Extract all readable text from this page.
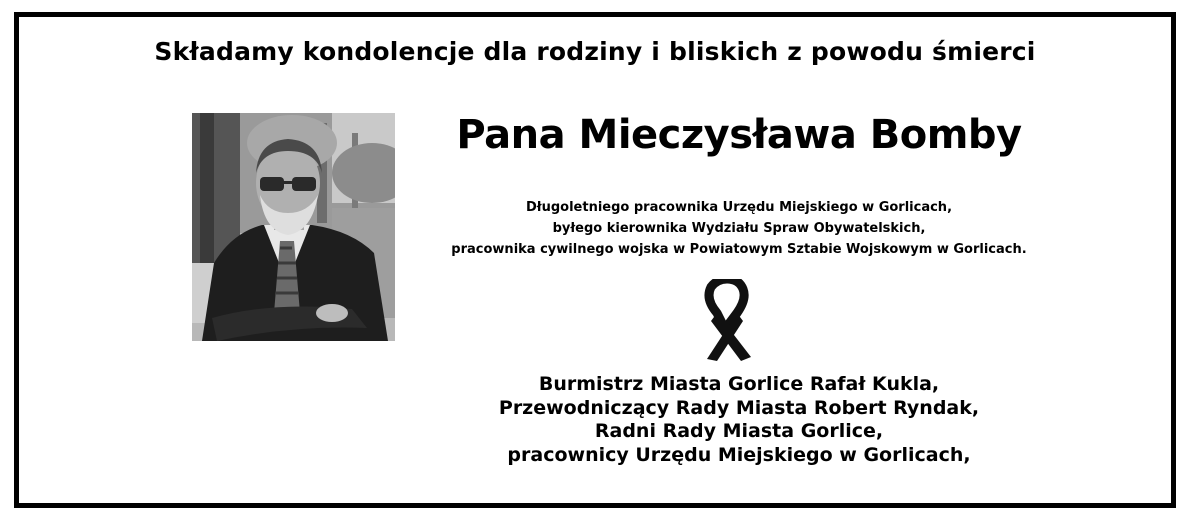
Składamy kondolencje dla rodziny i bliskich z powodu śmierci
Pana Mieczysława Bomby
Długoletniego pracownika Urzędu Miejskiego w Gorlicach,
byłego kierownika Wydziału Spraw Obywatelskich,
pracownika cywilnego wojska w Powiatowym Sztabie Wojskowym w Gorlicach.
Burmistrz Miasta Gorlice Rafał Kukla,
Przewodniczący Rady Miasta Robert Ryndak,
Radni Rady Miasta Gorlice,
pracownicy Urzędu Miejskiego w Gorlicach,
